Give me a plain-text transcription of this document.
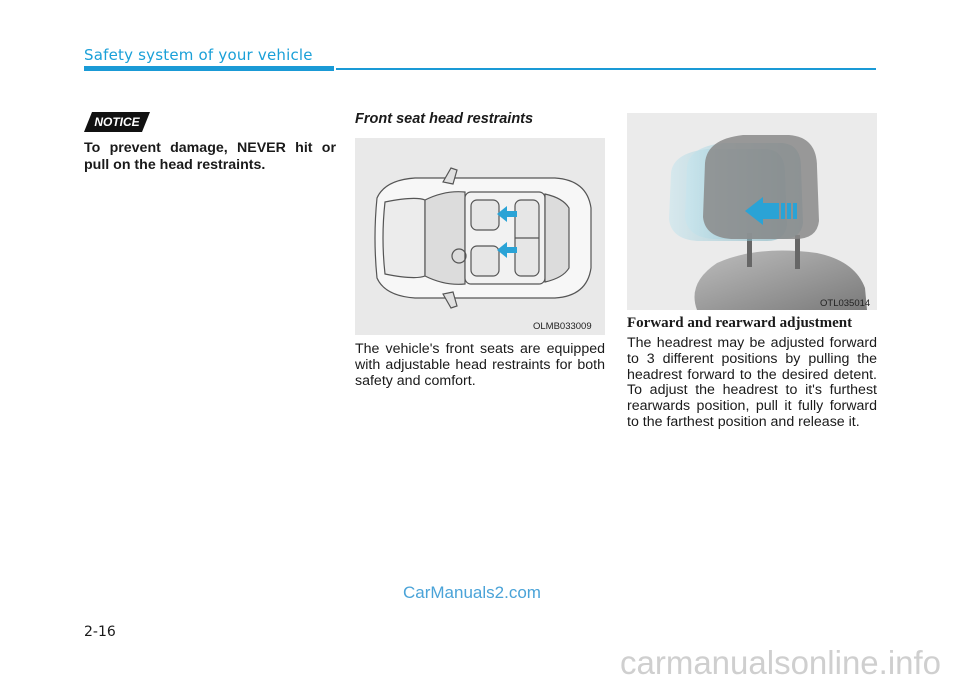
Safety system of your vehicle
NOTICE
To prevent damage, NEVER hit or pull on the head restraints.
Front seat head restraints
OLMB033009
The vehicle's front seats are equipped with adjustable head restraints for both safety and comfort.
OTL035014
Forward and rearward adjustment
The headrest may be adjusted forward to 3 different positions by pulling the headrest forward to the desired detent. To adjust the headrest to it's furthest rearwards position, pull it fully forward to the farthest position and release it.
CarManuals2.com
2-16
carmanualsonline.info
